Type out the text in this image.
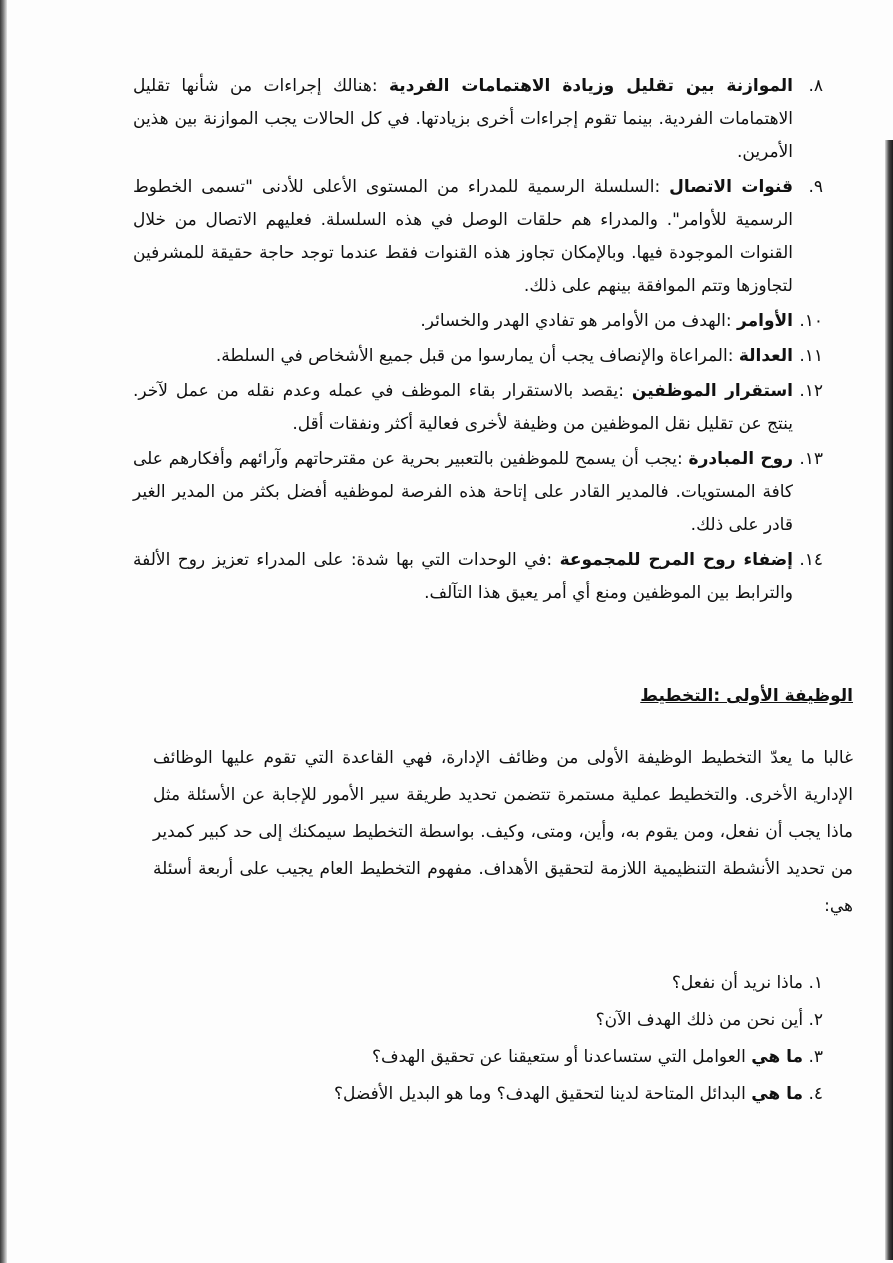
٨.
الموازنة بين تقليل وزيادة الاهتمامات الفردية :هنالك إجراءات من شأنها تقليل الاهتمامات الفردية. بينما تقوم إجراءات أخرى بزيادتها. في كل الحالات يجب الموازنة بين هذين الأمرين.
٩.
قنوات الاتصال :السلسلة الرسمية للمدراء من المستوى الأعلى للأدنى "تسمى الخطوط الرسمية للأوامر". والمدراء هم حلقات الوصل في هذه السلسلة. فعليهم الاتصال من خلال القنوات الموجودة فيها. وبالإمكان تجاوز هذه القنوات فقط عندما توجد حاجة حقيقة للمشرفين لتجاوزها وتتم الموافقة بينهم على ذلك.
١٠.
الأوامر :الهدف من الأوامر هو تفادي الهدر والخسائر.
١١.
العدالة :المراعاة والإنصاف يجب أن يمارسوا من قبل جميع الأشخاص في السلطة.
١٢.
استقرار الموظفين :يقصد بالاستقرار بقاء الموظف في عمله وعدم نقله من عمل لآخر. ينتج عن تقليل نقل الموظفين من وظيفة لأخرى فعالية أكثر ونفقات أقل.
١٣.
روح المبادرة :يجب أن يسمح للموظفين بالتعبير بحرية عن مقترحاتهم وآرائهم وأفكارهم على كافة المستويات. فالمدير القادر على إتاحة هذه الفرصة لموظفيه أفضل بكثر من المدير الغير قادر على ذلك.
١٤.
إضفاء روح المرح للمجموعة :في الوحدات التي بها شدة: على المدراء تعزيز روح الألفة والترابط بين الموظفين ومنع أي أمر يعيق هذا التآلف.
الوظيفة الأولى :التخطيط

غالبا ما يعدّ التخطيط الوظيفة الأولى من وظائف الإدارة، فهي القاعدة التي تقوم عليها الوظائف الإدارية الأخرى. والتخطيط عملية مستمرة تتضمن تحديد طريقة سير الأمور للإجابة عن الأسئلة مثل ماذا يجب أن نفعل، ومن يقوم به، وأين، ومتى، وكيف. بواسطة التخطيط سيمكنك إلى حد كبير كمدير من تحديد الأنشطة التنظيمية اللازمة لتحقيق الأهداف. مفهوم التخطيط العام يجيب على أربعة أسئلة هي:

١. ماذا نريد أن نفعل؟
٢. أين نحن من ذلك الهدف الآن؟
٣. ما هي العوامل التي ستساعدنا أو ستعيقنا عن تحقيق الهدف؟
٤. ما هي البدائل المتاحة لدينا لتحقيق الهدف؟ وما هو البديل الأفضل؟
